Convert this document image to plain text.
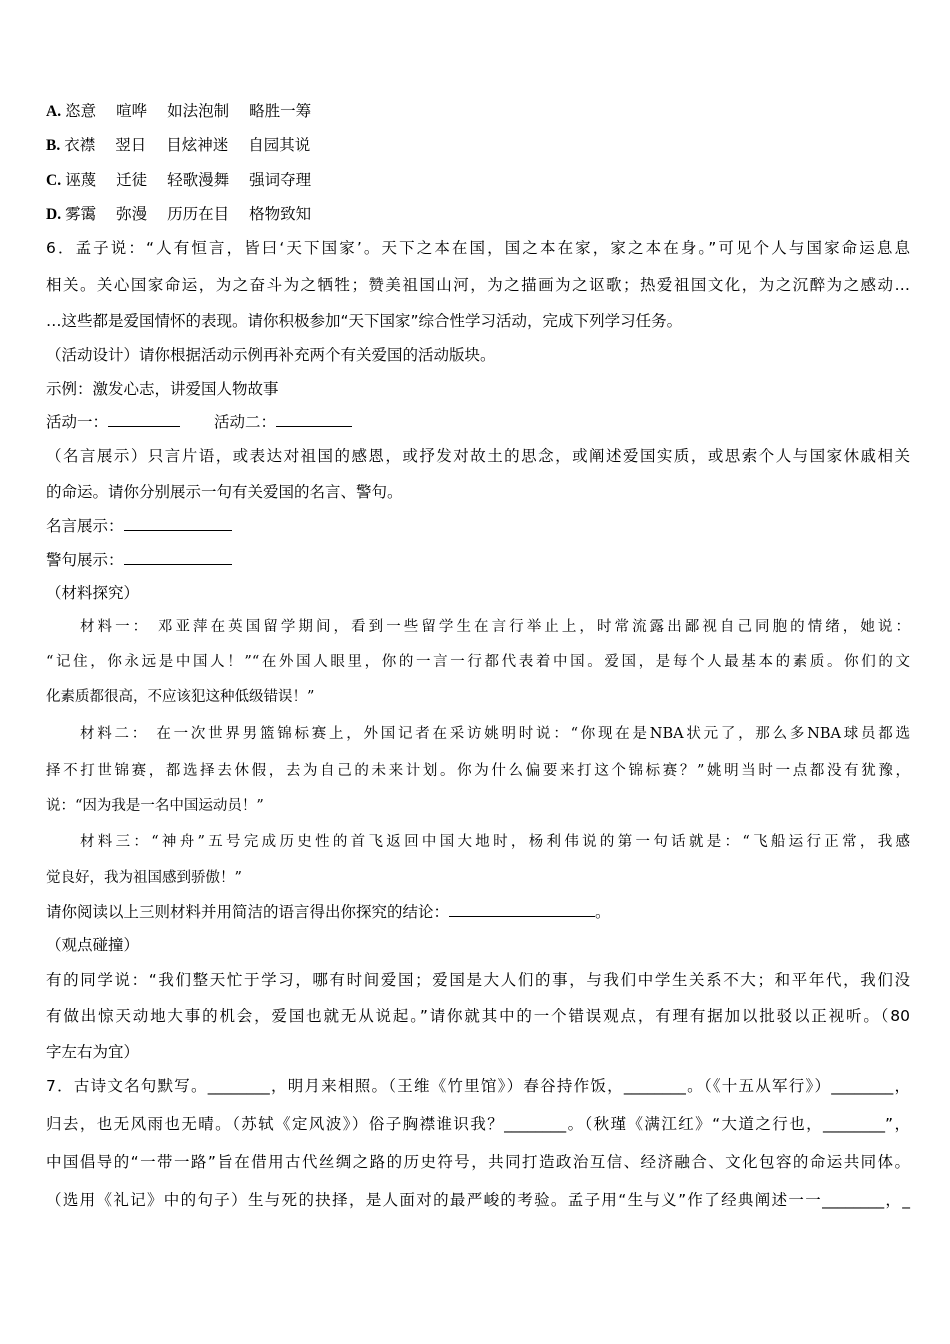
A. 恣意 喧哗 如法泡制 略胜一筹
B. 衣襟 翌日 目炫神迷 自园其说
C. 诬蔑 迁徒 轻歌漫舞 强词夺理
D. 雾霭 弥漫 历历在目 格物致知
6．孟子说：“人有恒言，皆曰‘天下国家’。天下之本在国，国之本在家，家之本在身。”可见个人与国家命运息息
相关。关心国家命运，为之奋斗为之牺牲；赞美祖国山河，为之描画为之讴歌；热爱祖国文化，为之沉醉为之感动…
…这些都是爱国情怀的表现。请你积极参加“天下国家”综合性学习活动，完成下列学习任务。
（活动设计）请你根据活动示例再补充两个有关爱国的活动版块。
示例：激发心志，讲爱国人物故事
活动一：	活动二：
（名言展示）只言片语，或表达对祖国的感恩，或抒发对故土的思念，或阐述爱国实质，或思索个人与国家休戚相关
的命运。请你分别展示一句有关爱国的名言、警句。
名言展示：
警句展示：
（材料探究）
材料一： 邓亚萍在英国留学期间，看到一些留学生在言行举止上，时常流露出鄙视自己同胞的情绪，她说：
“记住，你永远是中国人！”“在外国人眼里，你的一言一行都代表着中国。爱国，是每个人最基本的素质。你们的文
化素质都很高，不应该犯这种低级错误！”
材料二： 在一次世界男篮锦标赛上，外国记者在采访姚明时说：“你现在是NBA状元了，那么多NBA球员都选
择不打世锦赛，都选择去休假，去为自己的未来计划。你为什么偏要来打这个锦标赛？”姚明当时一点都没有犹豫，
说：“因为我是一名中国运动员！”
材料三：“神舟”五号完成历史性的首飞返回中国大地时，杨利伟说的第一句话就是：“飞船运行正常，我感
觉良好，我为祖国感到骄傲！”
请你阅读以上三则材料并用简洁的语言得出你探究的结论：	。
（观点碰撞）
有的同学说：“我们整天忙于学习，哪有时间爱国；爱国是大人们的事，与我们中学生关系不大；和平年代，我们没
有做出惊天动地大事的机会，爱国也就无从说起。”请你就其中的一个错误观点，有理有据加以批驳以正视听。（80
字左右为宜）
7．古诗文名句默写。________，明月来相照。（王维《竹里馆》）春谷持作饭，________。（《十五从军行》）________，
归去，也无风雨也无晴。（苏轼《定风波》）俗子胸襟谁识我？________。（秋瑾《满江红》“大道之行也，________”，
中国倡导的“一带一路”旨在借用古代丝绸之路的历史符号，共同打造政治互信、经济融合、文化包容的命运共同体。
（选用《礼记》中的句子）生与死的抉择，是人面对的最严峻的考验。孟子用“生与义”作了经典阐述一一________，_
